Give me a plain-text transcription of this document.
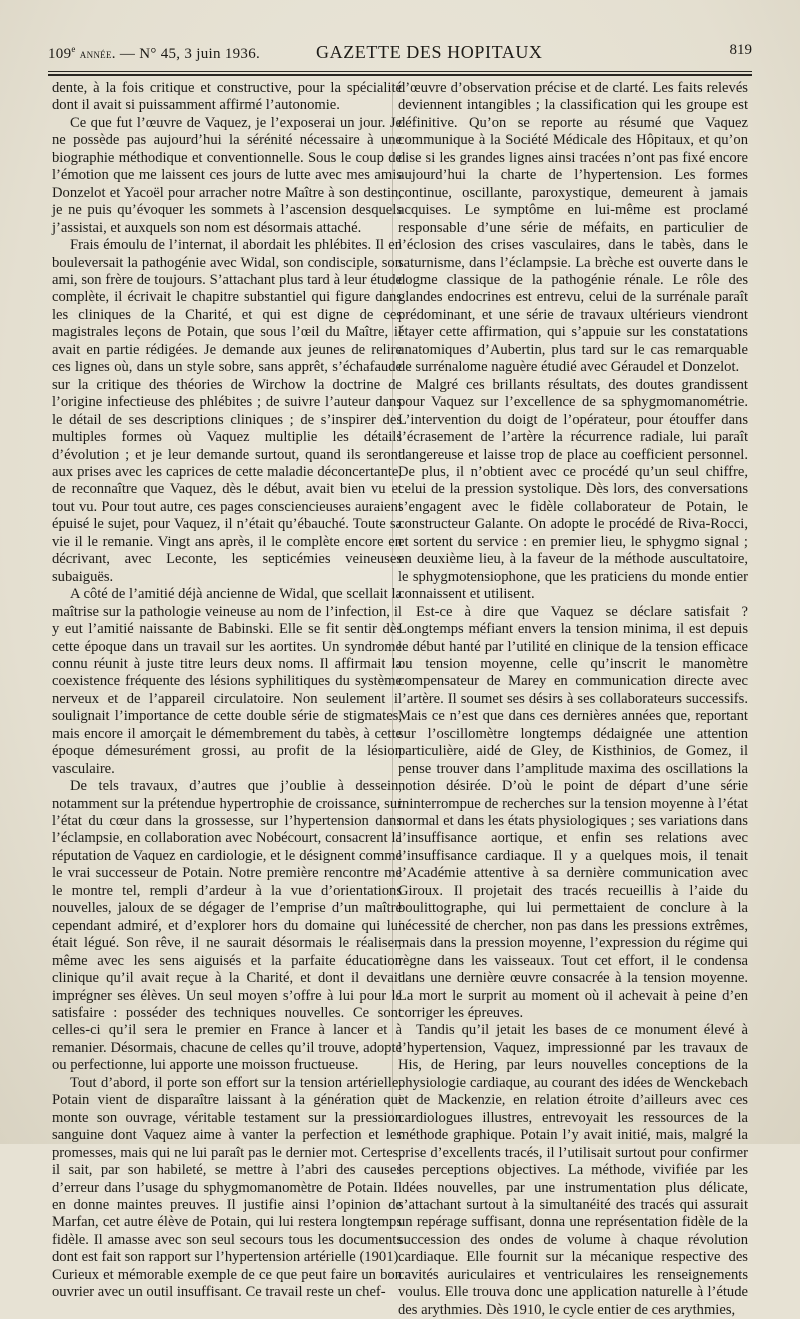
109e année. — N° 45, 3 juin 1936.	GAZETTE DES HOPITAUX	819

dente, à la fois critique et constructive, pour la spécialité dont il avait si puissamment affirmé l’autonomie.

Ce que fut l’œuvre de Vaquez, je l’exposerai un jour. Je ne possède pas aujourd’hui la sérénité nécessaire à une biographie méthodique et conventionnelle. Sous le coup de l’émotion que me laissent ces jours de lutte avec mes amis Donzelot et Yacoël pour arracher notre Maître à son destin, je ne puis qu’évoquer les sommets à l’ascension desquels j’assistai, et auxquels son nom est désormais attaché.

Frais émoulu de l’internat, il abordait les phlébites. Il en bouleversait la pathogénie avec Widal, son condisciple, son ami, son frère de toujours. S’attachant plus tard à leur étude complète, il écrivait le chapitre substantiel qui figure dans les cliniques de la Charité, et qui est digne de ces magistrales leçons de Potain, que sous l’œil du Maître, il avait en partie rédigées. Je demande aux jeunes de relire ces lignes où, dans un style sobre, sans apprêt, s’échafaude sur la critique des théories de Wirchow la doctrine de l’origine infectieuse des phlébites ; de suivre l’auteur dans le détail de ses descriptions cliniques ; de s’inspirer des multiples formes où Vaquez multiplie les détails d’évolution ; et je leur demande surtout, quand ils seront aux prises avec les caprices de cette maladie déconcertante, de reconnaître que Vaquez, dès le début, avait bien vu et tout vu. Pour tout autre, ces pages consciencieuses auraient épuisé le sujet, pour Vaquez, il n’était qu’ébauché. Toute sa vie il le remanie. Vingt ans après, il le complète encore en décrivant, avec Leconte, les septicémies veineuses subaiguës.

A côté de l’amitié déjà ancienne de Widal, que scellait la maîtrise sur la pathologie veineuse au nom de l’infection, il y eut l’amitié naissante de Babinski. Elle se fit sentir dès cette époque dans un travail sur les aortites. Un syndrome connu réunit à juste titre leurs deux noms. Il affirmait la coexistence fréquente des lésions syphilitiques du système nerveux et de l’appareil circulatoire. Non seulement il soulignait l’importance de cette double série de stigmates, mais encore il amorçait le démembrement du tabès, à cette époque démesurément grossi, au profit de la lésion vasculaire.

De tels travaux, d’autres que j’oublie à dessein, notamment sur la prétendue hypertrophie de croissance, sur l’état du cœur dans la grossesse, sur l’hypertension dans l’éclampsie, en collaboration avec Nobécourt, consacrent la réputation de Vaquez en cardiologie, et le désignent comme le vrai successeur de Potain. Notre première rencontre me le montre tel, rempli d’ardeur à la vue d’orientations nouvelles, jaloux de se dégager de l’emprise d’un maître cependant admiré, et d’explorer hors du domaine qui lui était légué. Son rêve, il ne saurait désormais le réaliser, même avec les sens aiguisés et la parfaite éducation clinique qu’il avait reçue à la Charité, et dont il devait imprégner ses élèves. Un seul moyen s’offre à lui pour le satisfaire : posséder des techniques nouvelles. Ce sont celles-ci qu’il sera le premier en France à lancer et à remanier. Désormais, chacune de celles qu’il trouve, adopte ou perfectionne, lui apporte une moisson fructueuse.

Tout d’abord, il porte son effort sur la tension artérielle. Potain vient de disparaître laissant à la génération qui monte son ouvrage, véritable testament sur la pression sanguine dont Vaquez aime à vanter la perfection et les promesses, mais qui ne lui paraît pas le dernier mot. Certes, il sait, par son habileté, se mettre à l’abri des causes d’erreur dans l’usage du sphygmomanomètre de Potain. Il en donne maintes preuves. Il justifie ainsi l’opinion de Marfan, cet autre élève de Potain, qui lui restera longtemps fidèle. Il amasse avec son seul secours tous les documents dont est fait son rapport sur l’hypertension artérielle (1901). Curieux et mémorable exemple de ce que peut faire un bon ouvrier avec un outil insuffisant. Ce travail reste un chef-

d’œuvre d’observation précise et de clarté. Les faits relevés deviennent intangibles ; la classification qui les groupe est définitive. Qu’on se reporte au résumé que Vaquez communique à la Société Médicale des Hôpitaux, et qu’on dise si les grandes lignes ainsi tracées n’ont pas fixé encore aujourd’hui la charte de l’hypertension. Les formes continue, oscillante, paroxystique, demeurent à jamais acquises. Le symptôme en lui-même est proclamé responsable d’une série de méfaits, en particulier de l’éclosion des crises vasculaires, dans le tabès, dans le saturnisme, dans l’éclampsie. La brèche est ouverte dans le dogme classique de la pathogénie rénale. Le rôle des glandes endocrines est entrevu, celui de la surrénale paraît prédominant, et une série de travaux ultérieurs viendront étayer cette affirmation, qui s’appuie sur les constatations anatomiques d’Aubertin, plus tard sur le cas remarquable de surrénalome naguère étudié avec Géraudel et Donzelot.

Malgré ces brillants résultats, des doutes grandissent pour Vaquez sur l’excellence de sa sphygmomanométrie. L’intervention du doigt de l’opérateur, pour étouffer dans l’écrasement de l’artère la récurrence radiale, lui paraît dangereuse et laisse trop de place au coefficient personnel. De plus, il n’obtient avec ce procédé qu’un seul chiffre, celui de la pression systolique. Dès lors, des conversations s’engagent avec le fidèle collaborateur de Potain, le constructeur Galante. On adopte le procédé de Riva-Rocci, et sortent du service : en premier lieu, le sphygmo signal ; en deuxième lieu, à la faveur de la méthode auscultatoire, le sphygmotensiophone, que les praticiens du monde entier connaissent et utilisent.

Est-ce à dire que Vaquez se déclare satisfait ? Longtemps méfiant envers la tension minima, il est depuis le début hanté par l’utilité en clinique de la tension efficace ou tension moyenne, celle qu’inscrit le manomètre compensateur de Marey en communication directe avec l’artère. Il soumet ses désirs à ses collaborateurs successifs. Mais ce n’est que dans ces dernières années que, reportant sur l’oscillomètre longtemps dédaignée une attention particulière, aidé de Gley, de Kisthinios, de Gomez, il pense trouver dans l’amplitude maxima des oscillations la notion désirée. D’où le point de départ d’une série ininterrompue de recherches sur la tension moyenne à l’état normal et dans les états physiologiques ; ses variations dans l’insuffisance aortique, et enfin ses relations avec l’insuffisance cardiaque. Il y a quelques mois, il tenait l’Académie attentive à sa dernière communication avec Giroux. Il projetait des tracés recueillis à l’aide du boulittographe, qui lui permettaient de conclure à la nécessité de chercher, non pas dans les pressions extrêmes, mais dans la pression moyenne, l’expression du régime qui règne dans les vaisseaux. Tout cet effort, il le condensa dans une dernière œuvre consacrée à la tension moyenne. La mort le surprit au moment où il achevait à peine d’en corriger les épreuves.

Tandis qu’il jetait les bases de ce monument élevé à l’hypertension, Vaquez, impressionné par les travaux de His, de Hering, par leurs nouvelles conceptions de la physiologie cardiaque, au courant des idées de Wenckebach et de Mackenzie, en relation étroite d’ailleurs avec ces cardiologues illustres, entrevoyait les ressources de la méthode graphique. Potain l’y avait initié, mais, malgré la prise d’excellents tracés, il l’utilisait surtout pour confirmer les perceptions objectives. La méthode, vivifiée par les idées nouvelles, par une instrumentation plus délicate, s’attachant surtout à la simultanéité des tracés qui assurait un repérage suffisant, donna une représentation fidèle de la succession des ondes de volume à chaque révolution cardiaque. Elle fournit sur la mécanique respective des cavités auriculaires et ventriculaires les renseignements voulus. Elle trouva donc une application naturelle à l’étude des arythmies. Dès 1910, le cycle entier de ces arythmies,
